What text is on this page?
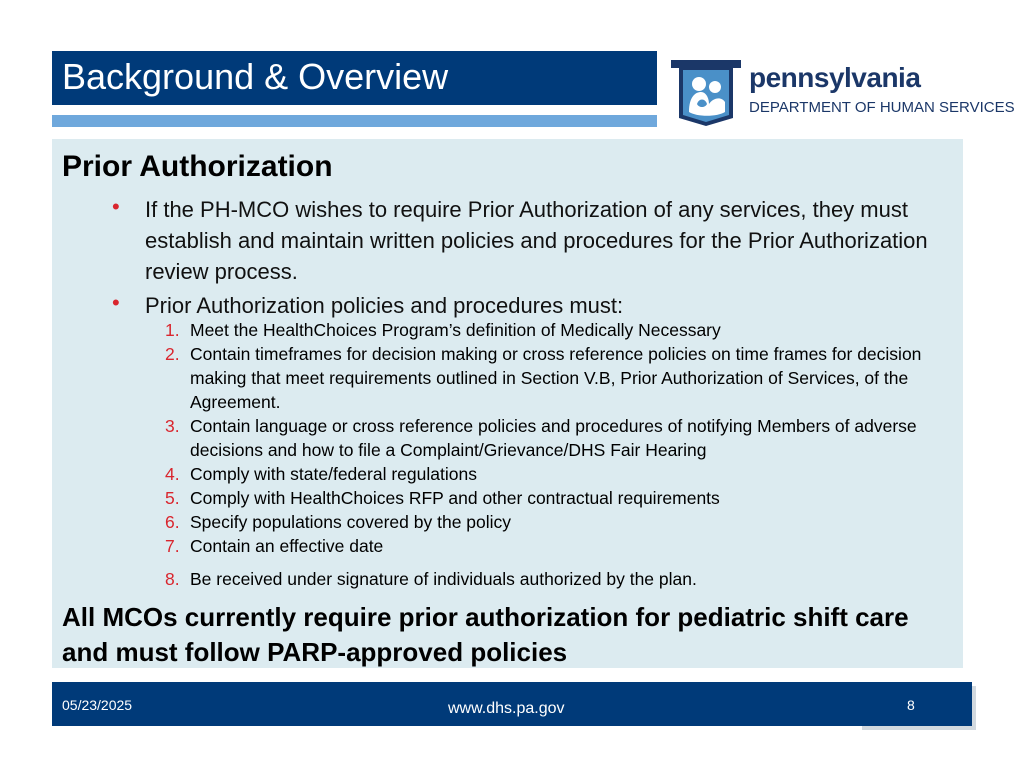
Background & Overview	pennsylvania
DEPARTMENT OF HUMAN SERVICES
Prior Authorization
• If the PH-MCO wishes to require Prior Authorization of any services, they must establish and maintain written policies and procedures for the Prior Authorization review process.
• Prior Authorization policies and procedures must:
1. Meet the HealthChoices Program’s definition of Medically Necessary
2. Contain timeframes for decision making or cross reference policies on time frames for decision making that meet requirements outlined in Section V.B, Prior Authorization of Services, of the Agreement.
3. Contain language or cross reference policies and procedures of notifying Members of adverse decisions and how to file a Complaint/Grievance/DHS Fair Hearing
4. Comply with state/federal regulations
5. Comply with HealthChoices RFP and other contractual requirements
6. Specify populations covered by the policy
7. Contain an effective date
8. Be received under signature of individuals authorized by the plan.
All MCOs currently require prior authorization for pediatric shift care and must follow PARP-approved policies
05/23/2025	www.dhs.pa.gov	8
